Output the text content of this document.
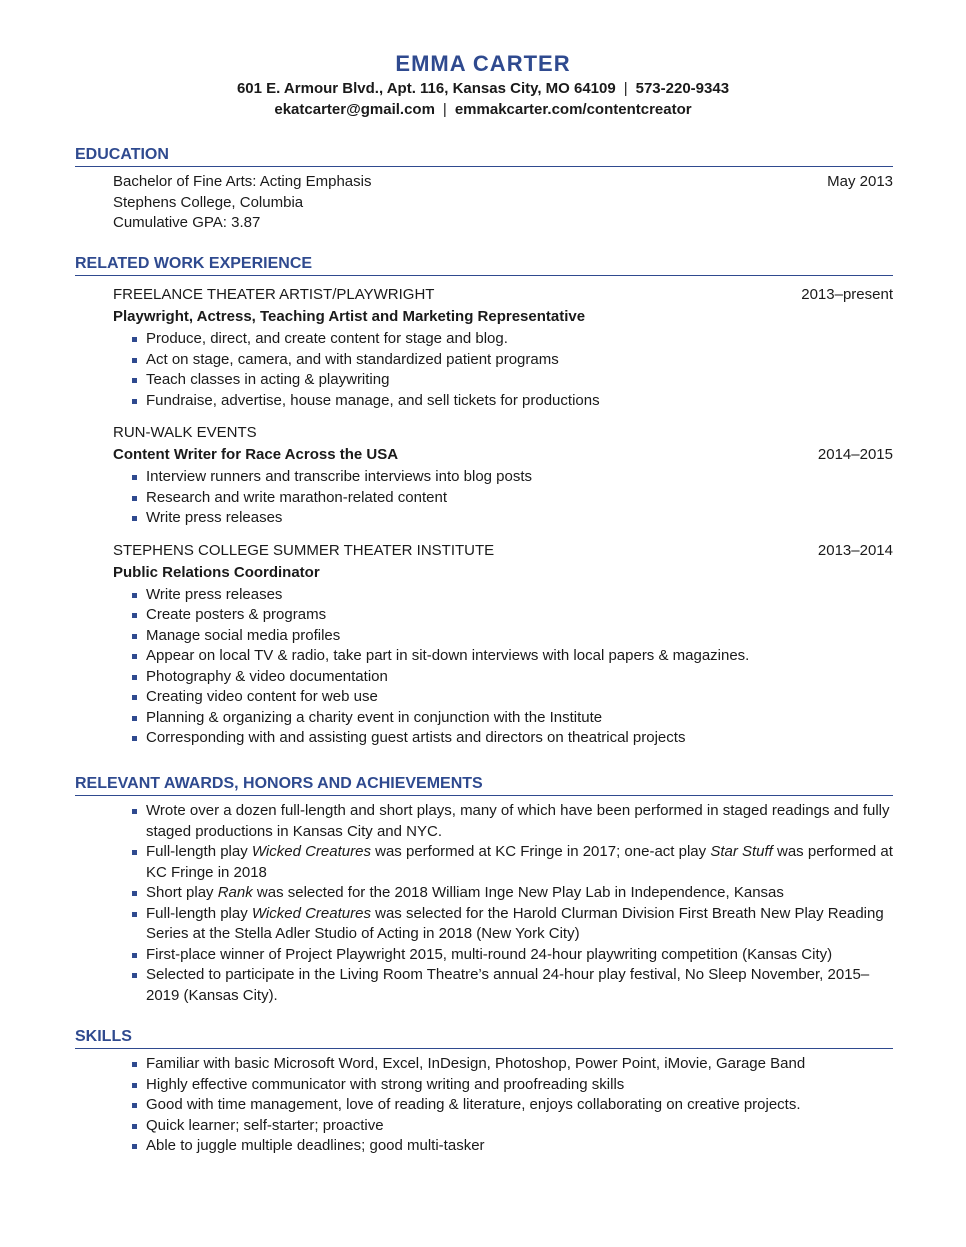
EMMA CARTER
601 E. Armour Blvd., Apt. 116, Kansas City, MO 64109 | 573-220-9343
ekatcarter@gmail.com | emmakcarter.com/contentcreator
EDUCATION
Bachelor of Fine Arts: Acting Emphasis	May 2013
Stephens College, Columbia
Cumulative GPA: 3.87
RELATED WORK EXPERIENCE
FREELANCE THEATER ARTIST/PLAYWRIGHT	2013–present
Playwright, Actress, Teaching Artist and Marketing Representative
Produce, direct, and create content for stage and blog.
Act on stage, camera, and with standardized patient programs
Teach classes in acting & playwriting
Fundraise, advertise, house manage, and sell tickets for productions
RUN-WALK EVENTS
Content Writer for Race Across the USA	2014–2015
Interview runners and transcribe interviews into blog posts
Research and write marathon-related content
Write press releases
STEPHENS COLLEGE SUMMER THEATER INSTITUTE	2013–2014
Public Relations Coordinator
Write press releases
Create posters & programs
Manage social media profiles
Appear on local TV & radio, take part in sit-down interviews with local papers & magazines.
Photography & video documentation
Creating video content for web use
Planning & organizing a charity event in conjunction with the Institute
Corresponding with and assisting guest artists and directors on theatrical projects
RELEVANT AWARDS, HONORS AND ACHIEVEMENTS
Wrote over a dozen full-length and short plays, many of which have been performed in staged readings and fully staged productions in Kansas City and NYC.
Full-length play Wicked Creatures was performed at KC Fringe in 2017; one-act play Star Stuff was performed at KC Fringe in 2018
Short play Rank was selected for the 2018 William Inge New Play Lab in Independence, Kansas
Full-length play Wicked Creatures was selected for the Harold Clurman Division First Breath New Play Reading Series at the Stella Adler Studio of Acting in 2018 (New York City)
First-place winner of Project Playwright 2015, multi-round 24-hour playwriting competition (Kansas City)
Selected to participate in the Living Room Theatre’s annual 24-hour play festival, No Sleep November, 2015–2019 (Kansas City).
SKILLS
Familiar with basic Microsoft Word, Excel, InDesign, Photoshop, Power Point, iMovie, Garage Band
Highly effective communicator with strong writing and proofreading skills
Good with time management, love of reading & literature, enjoys collaborating on creative projects.
Quick learner; self-starter; proactive
Able to juggle multiple deadlines; good multi-tasker
